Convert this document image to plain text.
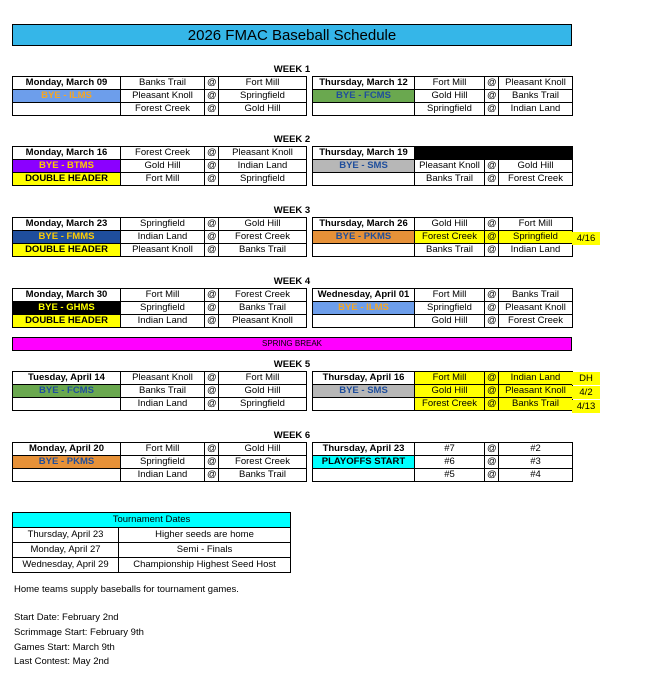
2026 FMAC Baseball Schedule
WEEK 1
Monday, March 09	Banks Trail	@	Fort Mill
BYE - ILMS	Pleasant Knoll	@	Springfield
	Forest Creek	@	Gold Hill
Thursday, March 12	Fort Mill	@	Pleasant Knoll
BYE - FCMS	Gold Hill	@	Banks Trail
	Springfield	@	Indian Land
WEEK 2
Monday, March 16	Forest Creek	@	Pleasant Knoll
BYE - BTMS	Gold Hill	@	Indian Land
DOUBLE HEADER	Fort Mill	@	Springfield
Thursday, March 19			
BYE - SMS	Pleasant Knoll	@	Gold Hill
	Banks Trail	@	Forest Creek
WEEK 3
Monday, March 23	Springfield	@	Gold Hill
BYE - FMMS	Indian Land	@	Forest Creek
DOUBLE HEADER	Pleasant Knoll	@	Banks Trail
Thursday, March 26	Gold Hill	@	Fort Mill
BYE - PKMS	Forest Creek	@	Springfield
	Banks Trail	@	Indian Land
4/16
WEEK 4
Monday, March 30	Fort Mill	@	Forest Creek
BYE - GHMS	Springfield	@	Banks Trail
DOUBLE HEADER	Indian Land	@	Pleasant Knoll
Wednesday, April 01	Fort Mill	@	Banks Trail
BYE - ILMS	Springfield	@	Pleasant Knoll
	Gold Hill	@	Forest Creek
SPRING BREAK
WEEK 5
Tuesday, April 14	Pleasant Knoll	@	Fort Mill
BYE - FCMS	Banks Trail	@	Gold Hill
	Indian Land	@	Springfield
Thursday, April 16	Fort Mill	@	Indian Land
BYE - SMS	Gold Hill	@	Pleasant Knoll
	Forest Creek	@	Banks Trail
DH
4/2
4/13
WEEK 6
Monday, April 20	Fort Mill	@	Gold Hill
BYE - PKMS	Springfield	@	Forest Creek
	Indian Land	@	Banks Trail
Thursday, April 23	#7	@	#2
PLAYOFFS START	#6	@	#3
	#5	@	#4
Tournament Dates	
Thursday, April 23	Higher seeds are home
Monday, April 27	Semi - Finals
Wednesday, April 29	Championship Highest Seed Host
Home teams supply baseballs for tournament games.
Start Date: February 2nd
Scrimmage Start: February 9th
Games Start: March 9th
Last Contest: May 2nd
